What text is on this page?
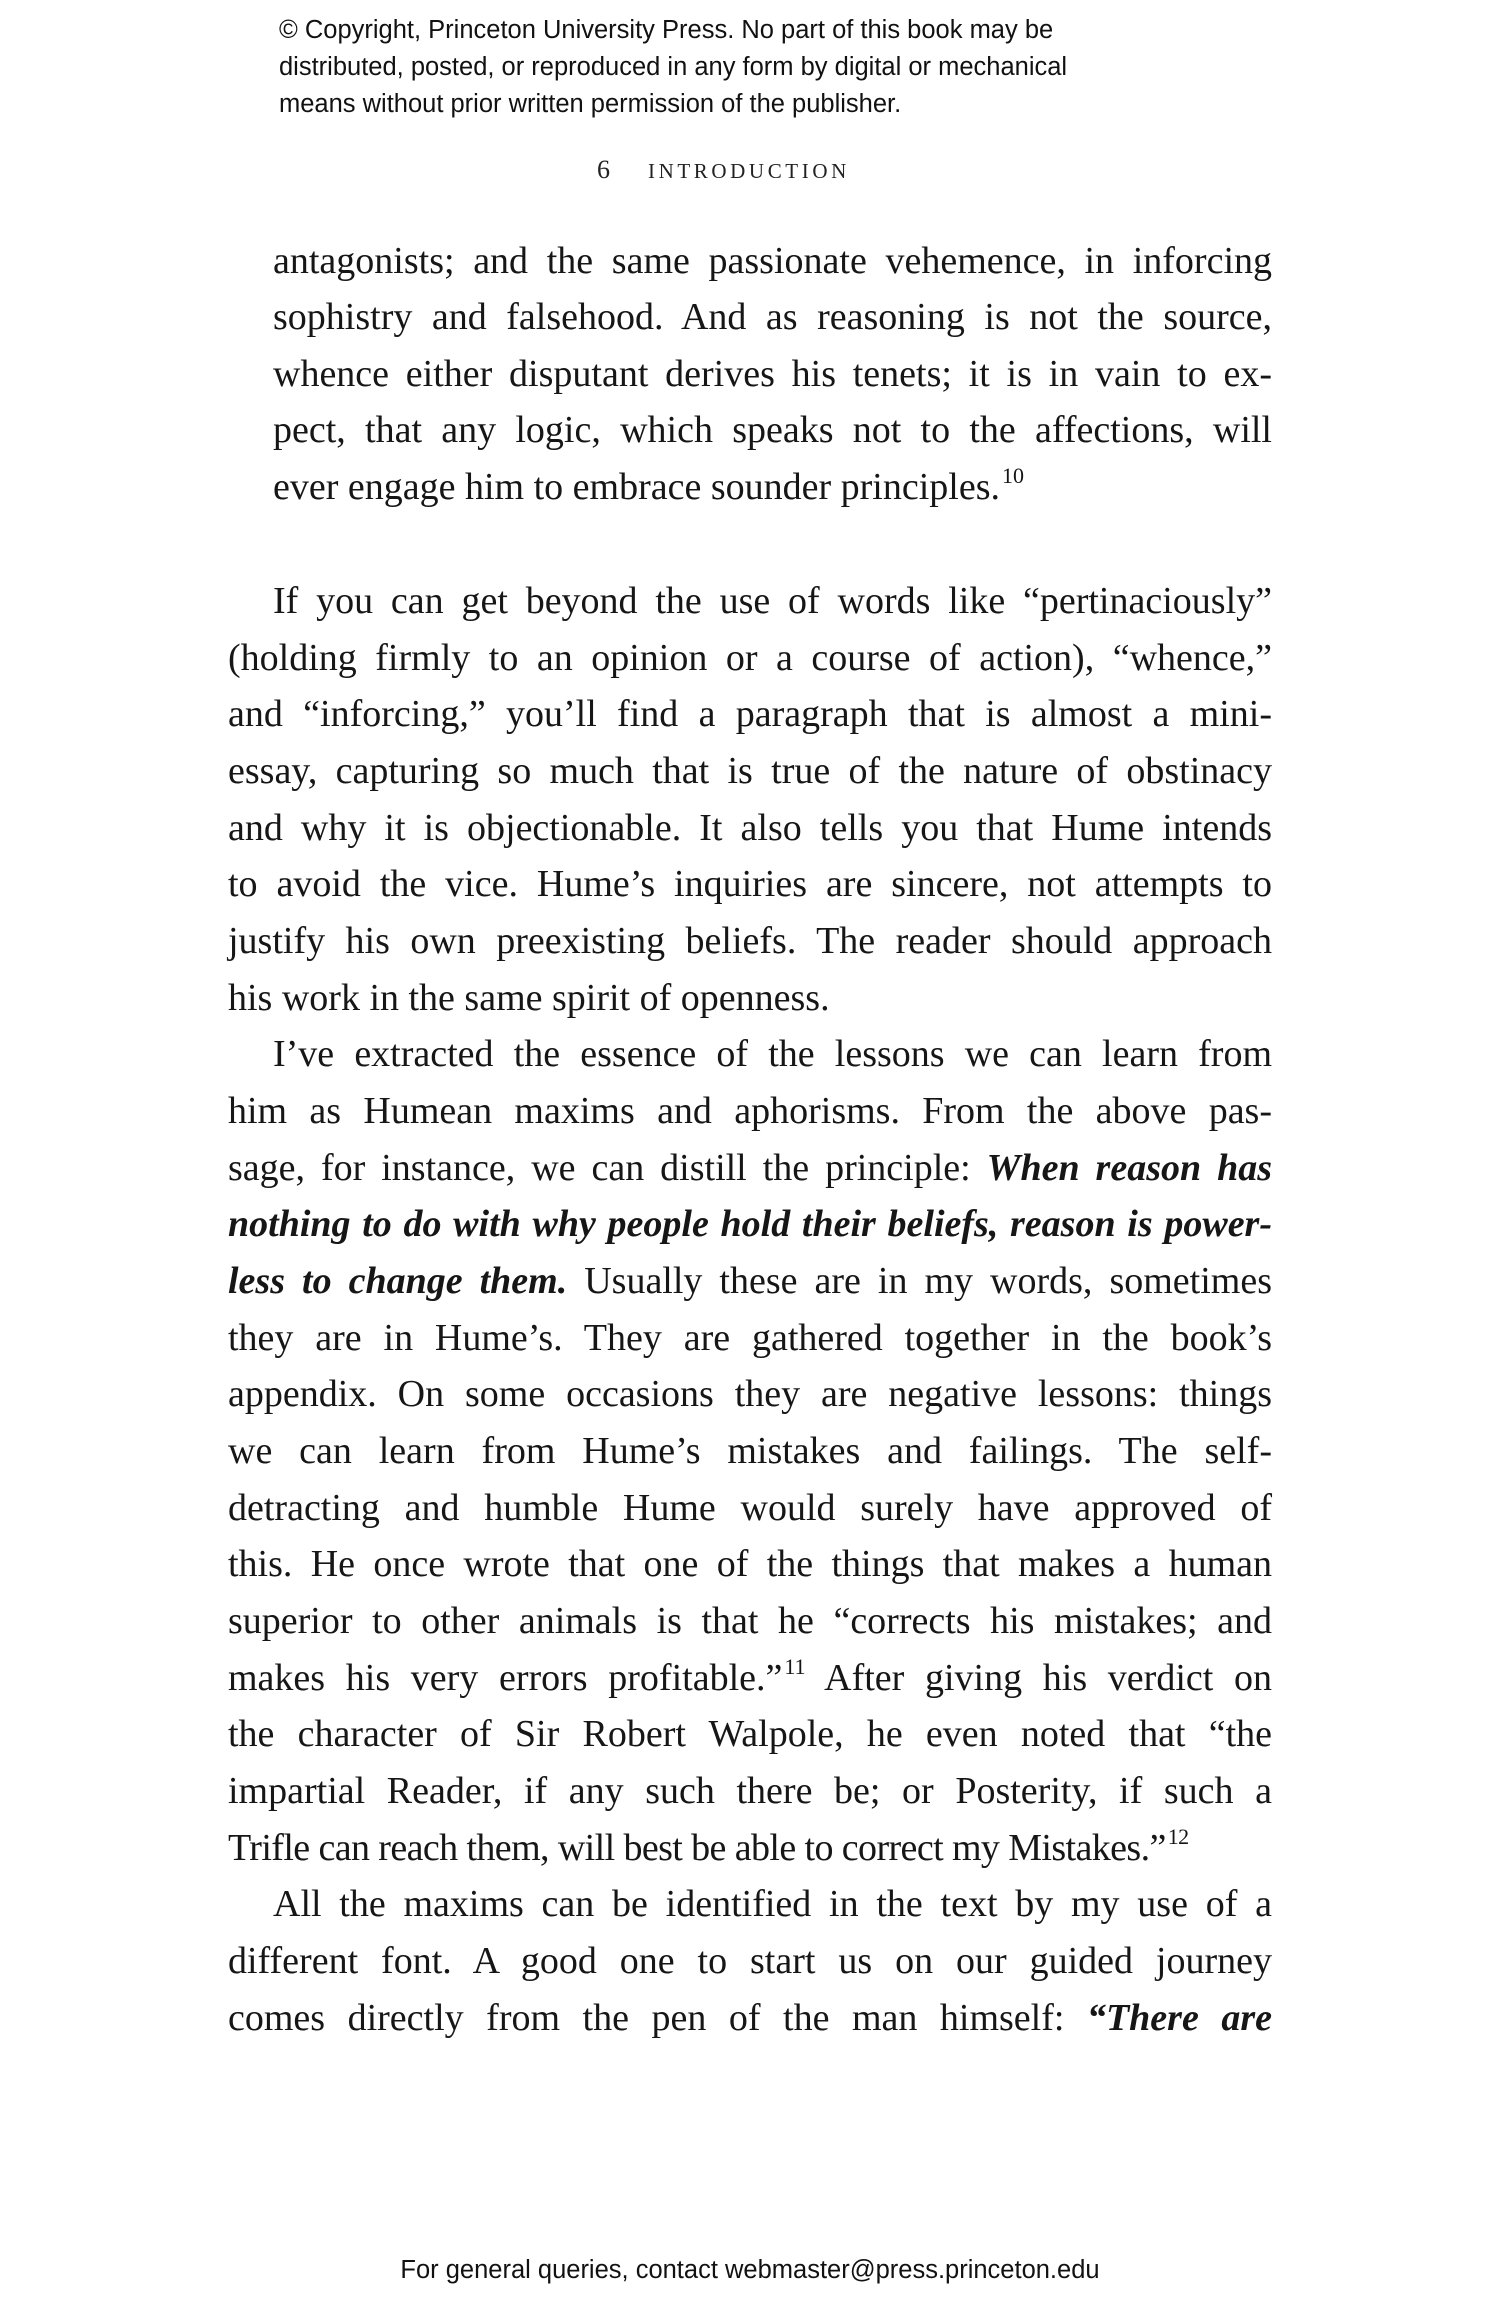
© Copyright, Princeton University Press. No part of this book may be
distributed, posted, or reproduced in any form by digital or mechanical
means without prior written permission of the publisher.
6 INTRODUCTION
antagonists; and the same passionate vehemence, in inforcing
sophistry and falsehood. And as reasoning is not the source,
whence either disputant derives his tenets; it is in vain to ex-
pect, that any logic, which speaks not to the affections, will
ever engage him to embrace sounder principles.$^{10}$
If you can get beyond the use of words like “pertinaciously”
(holding firmly to an opinion or a course of action), “whence,”
and “inforcing,” you’ll find a paragraph that is almost a mini-
essay, capturing so much that is true of the nature of obstinacy
and why it is objectionable. It also tells you that Hume intends
to avoid the vice. Hume’s inquiries are sincere, not attempts to
justify his own preexisting beliefs. The reader should approach
his work in the same spirit of openness.
I’ve extracted the essence of the lessons we can learn from
him as Humean maxims and aphorisms. From the above pas-
sage, for instance, we can distill the principle: When reason has
nothing to do with why people hold their beliefs, reason is power-
less to change them. Usually these are in my words, sometimes
they are in Hume’s. They are gathered together in the book’s
appendix. On some occasions they are negative lessons: things
we can learn from Hume’s mistakes and failings. The self-
detracting and humble Hume would surely have approved of
this. He once wrote that one of the things that makes a human
superior to other animals is that he “corrects his mistakes; and
makes his very errors profitable.”$^{11}$ After giving his verdict on
the character of Sir Robert Walpole, he even noted that “the
impartial Reader, if any such there be; or Posterity, if such a
Trifle can reach them, will best be able to correct my Mistakes.”$^{12}$
All the maxims can be identified in the text by my use of a
different font. A good one to start us on our guided journey
comes directly from the pen of the man himself: “There are
For general queries, contact webmaster@press.princeton.edu
